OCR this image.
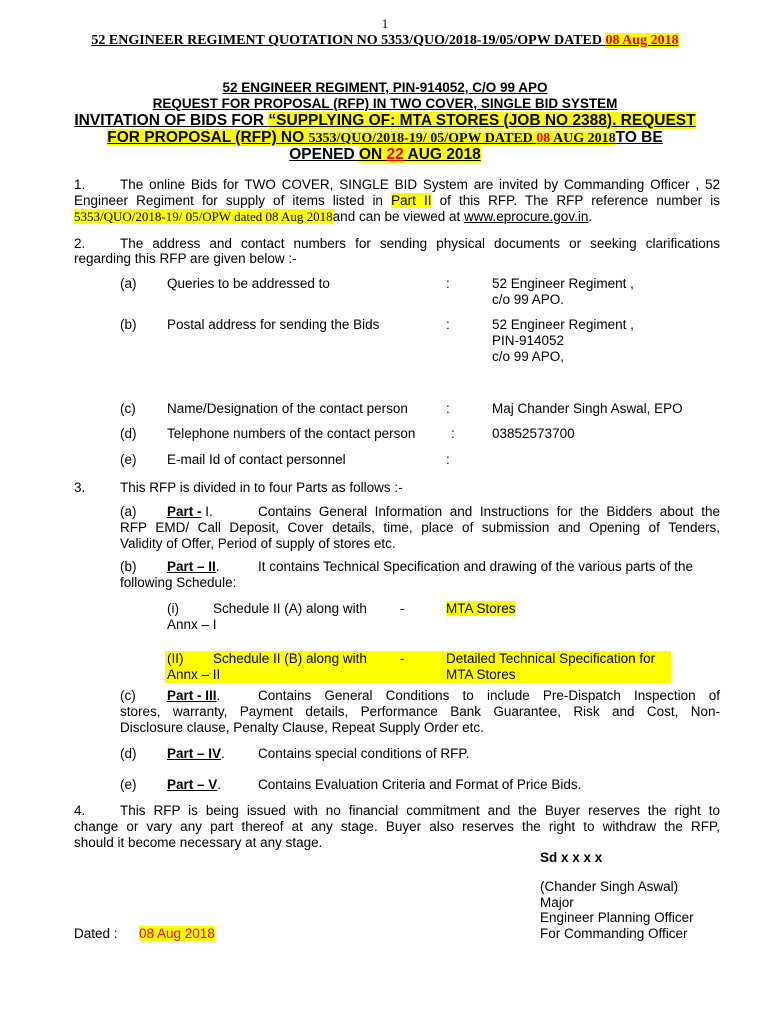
1
52 ENGINEER REGIMENT QUOTATION NO 5353/QUO/2018-19/05/OPW DATED 08 Aug 2018
52 ENGINEER REGIMENT, PIN-914052, C/O 99 APO
REQUEST FOR PROPOSAL (RFP) IN TWO COVER, SINGLE BID SYSTEM
INVITATION OF BIDS FOR “SUPPLYING OF: MTA STORES (JOB NO 2388). REQUEST
FOR PROPOSAL (RFP) NO 5353/QUO/2018-19/ 05/OPW DATED 08 AUG 2018TO BE
OPENED ON 22 AUG 2018
1.	The online Bids for TWO COVER, SINGLE BID System are invited by Commanding Officer , 52
Engineer Regiment for supply of items listed in Part II of this RFP. The RFP reference number is
5353/QUO/2018-19/ 05/OPW dated 08 Aug 2018and can be viewed at www.eprocure.gov.in.
2.	The address and contact numbers for sending physical documents or seeking clarifications
regarding this RFP are given below :-
(a) Queries to be addressed to	:	52 Engineer Regiment ,
c/o 99 APO.
(b) Postal address for sending the Bids	:	52 Engineer Regiment ,
PIN-914052
c/o 99 APO,
(c) Name/Designation of the contact person	:	Maj Chander Singh Aswal, EPO
(d) Telephone numbers of the contact person	:	03852573700
(e) E-mail Id of contact personnel	:
3.	This RFP is divided in to four Parts as follows :-
(a) Part - I.	Contains General Information and Instructions for the Bidders about the
RFP EMD/ Call Deposit, Cover details, time, place of submission and Opening of Tenders,
Validity of Offer, Period of supply of stores etc.
(b) Part – II.	It contains Technical Specification and drawing of the various parts of the
following Schedule:
(i)	Schedule II (A) along with
Annx – I
-	MTA Stores
(II) Schedule II (B) along with
Annx – II
-	Detailed Technical Specification for
MTA Stores
(c) Part - III.	Contains General Conditions to include Pre-Dispatch Inspection of
stores, warranty, Payment details, Performance Bank Guarantee, Risk and Cost, Non-
Disclosure clause, Penalty Clause, Repeat Supply Order etc.
(d) Part – IV. Contains special conditions of RFP.
(e) Part – V.	Contains Evaluation Criteria and Format of Price Bids.
4.	This RFP is being issued with no financial commitment and the Buyer reserves the right to
change or vary any part thereof at any stage. Buyer also reserves the right to withdraw the RFP,
should it become necessary at any stage.
Sd x x x x
(Chander Singh Aswal)
Major
Engineer Planning Officer
For Commanding Officer
Dated : 08 Aug 2018
